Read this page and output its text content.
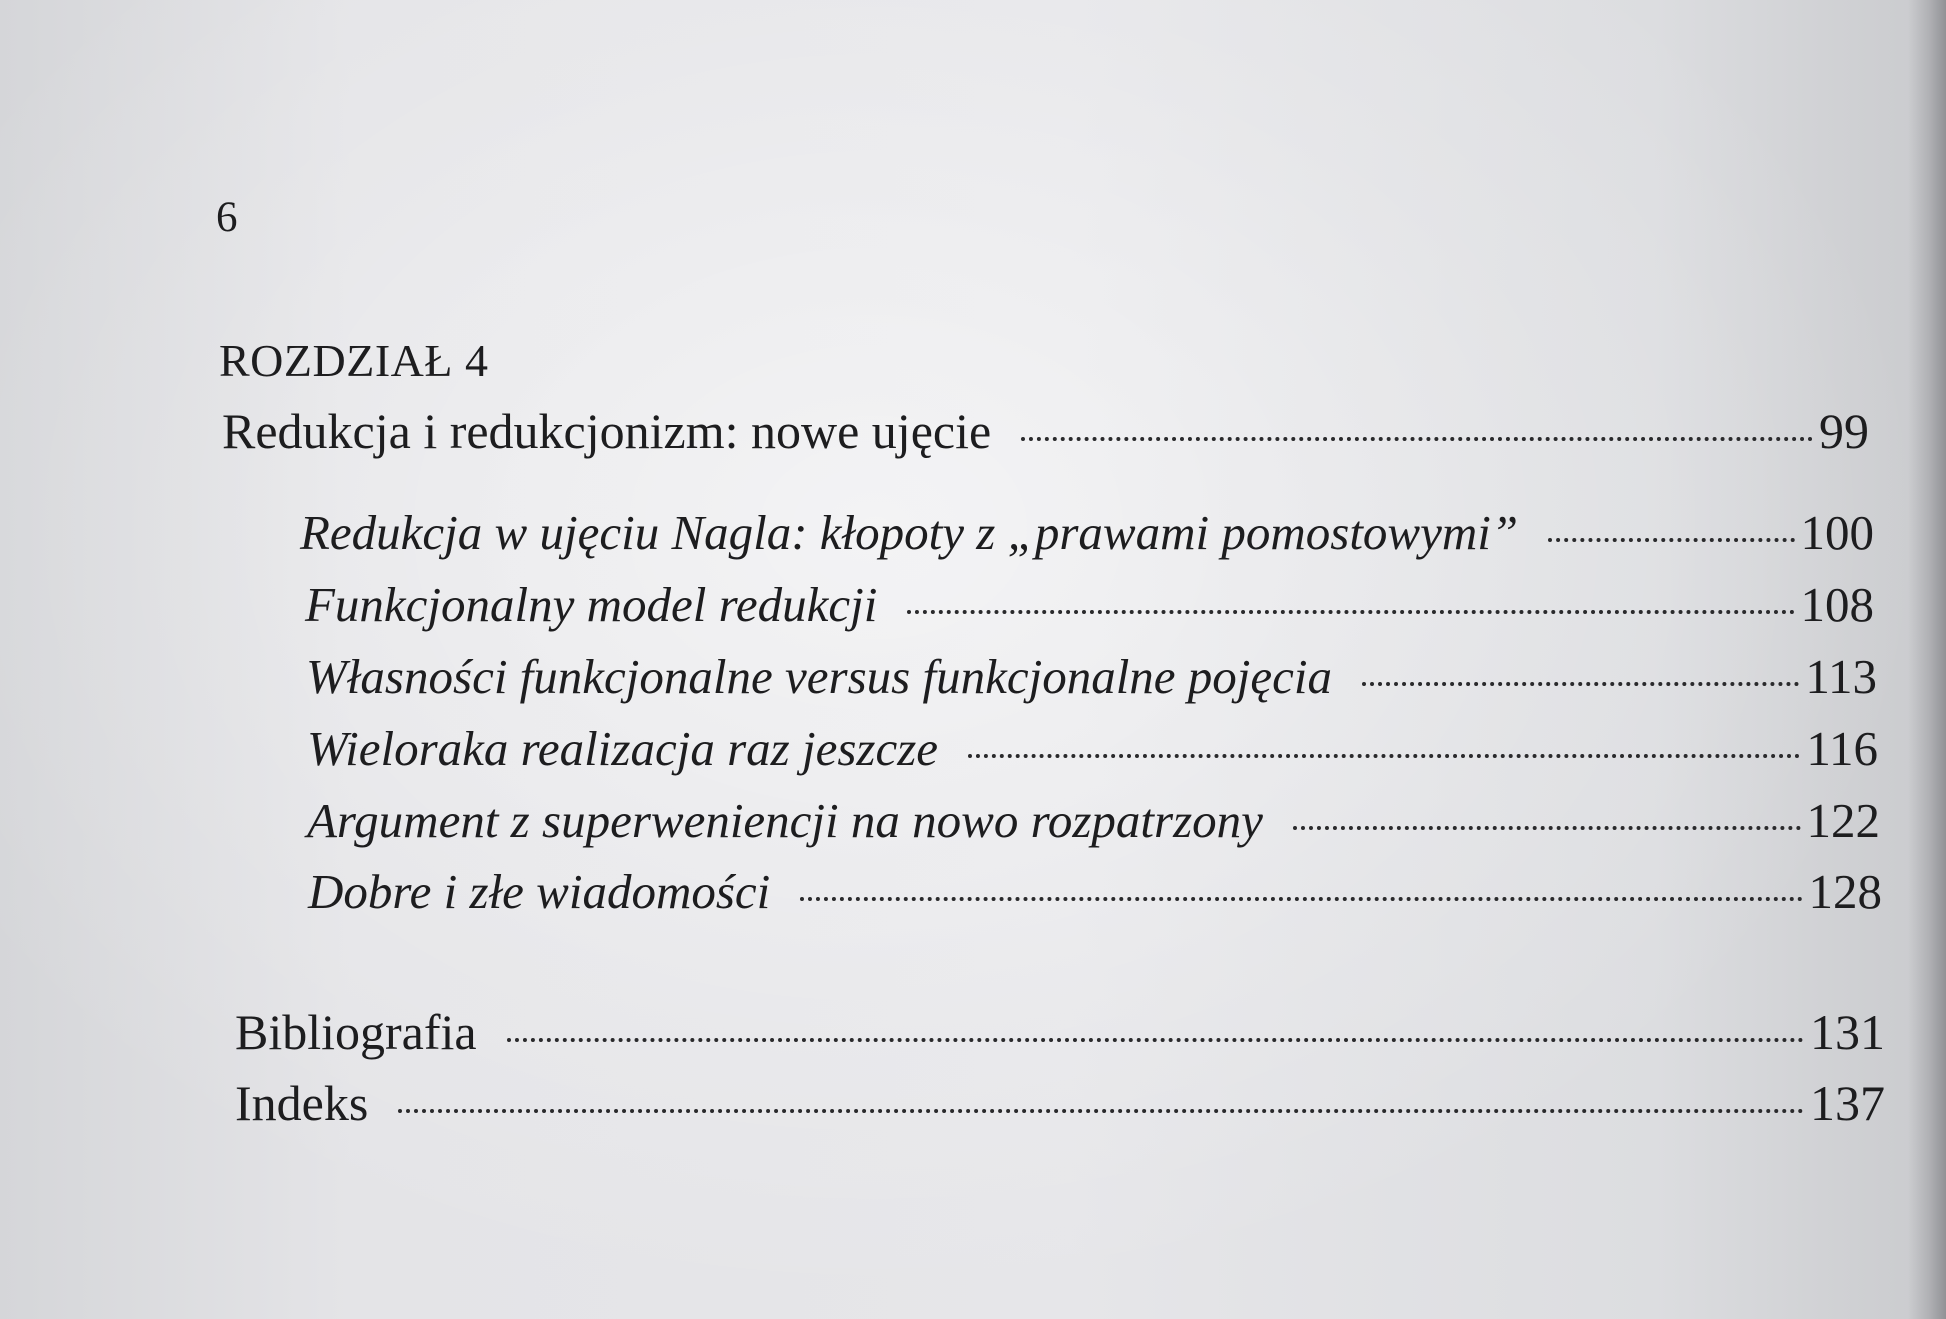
6
ROZDZIAŁ 4
Redukcja i redukcjonizm: nowe ujęcie	99
Redukcja w ujęciu Nagla: kłopoty z „prawami pomostowymi”	100
Funkcjonalny model redukcji	108
Własności funkcjonalne versus funkcjonalne pojęcia	113
Wieloraka realizacja raz jeszcze	116
Argument z superweniencji na nowo rozpatrzony	122
Dobre i złe wiadomości	128
Bibliografia	131
Indeks	137
